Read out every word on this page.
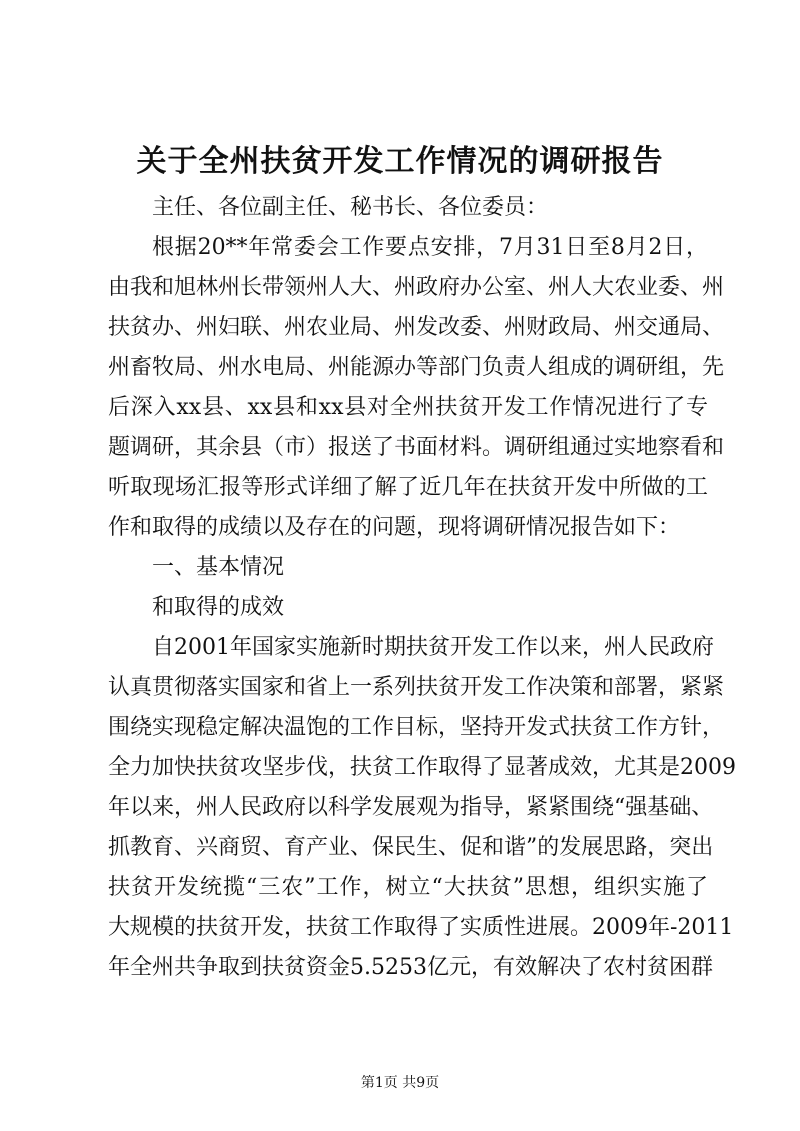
关于全州扶贫开发工作情况的调研报告
主任、各位副主任、秘书长、各位委员：
根据20**年常委会工作要点安排，7月31日至8月2日，
由我和旭林州长带领州人大、州政府办公室、州人大农业委、州
扶贫办、州妇联、州农业局、州发改委、州财政局、州交通局、
州畜牧局、州水电局、州能源办等部门负责人组成的调研组，先
后深入xx县、xx县和xx县对全州扶贫开发工作情况进行了专
题调研，其余县（市）报送了书面材料。调研组通过实地察看和
听取现场汇报等形式详细了解了近几年在扶贫开发中所做的工
作和取得的成绩以及存在的问题，现将调研情况报告如下：
一、基本情况
和取得的成效
自2001年国家实施新时期扶贫开发工作以来，州人民政府
认真贯彻落实国家和省上一系列扶贫开发工作决策和部署，紧紧
围绕实现稳定解决温饱的工作目标，坚持开发式扶贫工作方针，
全力加快扶贫攻坚步伐，扶贫工作取得了显著成效，尤其是2009
年以来，州人民政府以科学发展观为指导，紧紧围绕“强基础、
抓教育、兴商贸、育产业、保民生、促和谐”的发展思路，突出
扶贫开发统揽“三农”工作，树立“大扶贫”思想，组织实施了
大规模的扶贫开发，扶贫工作取得了实质性进展。2009年-2011
年全州共争取到扶贫资金5.5253亿元，有效解决了农村贫困群
第1页 共9页
